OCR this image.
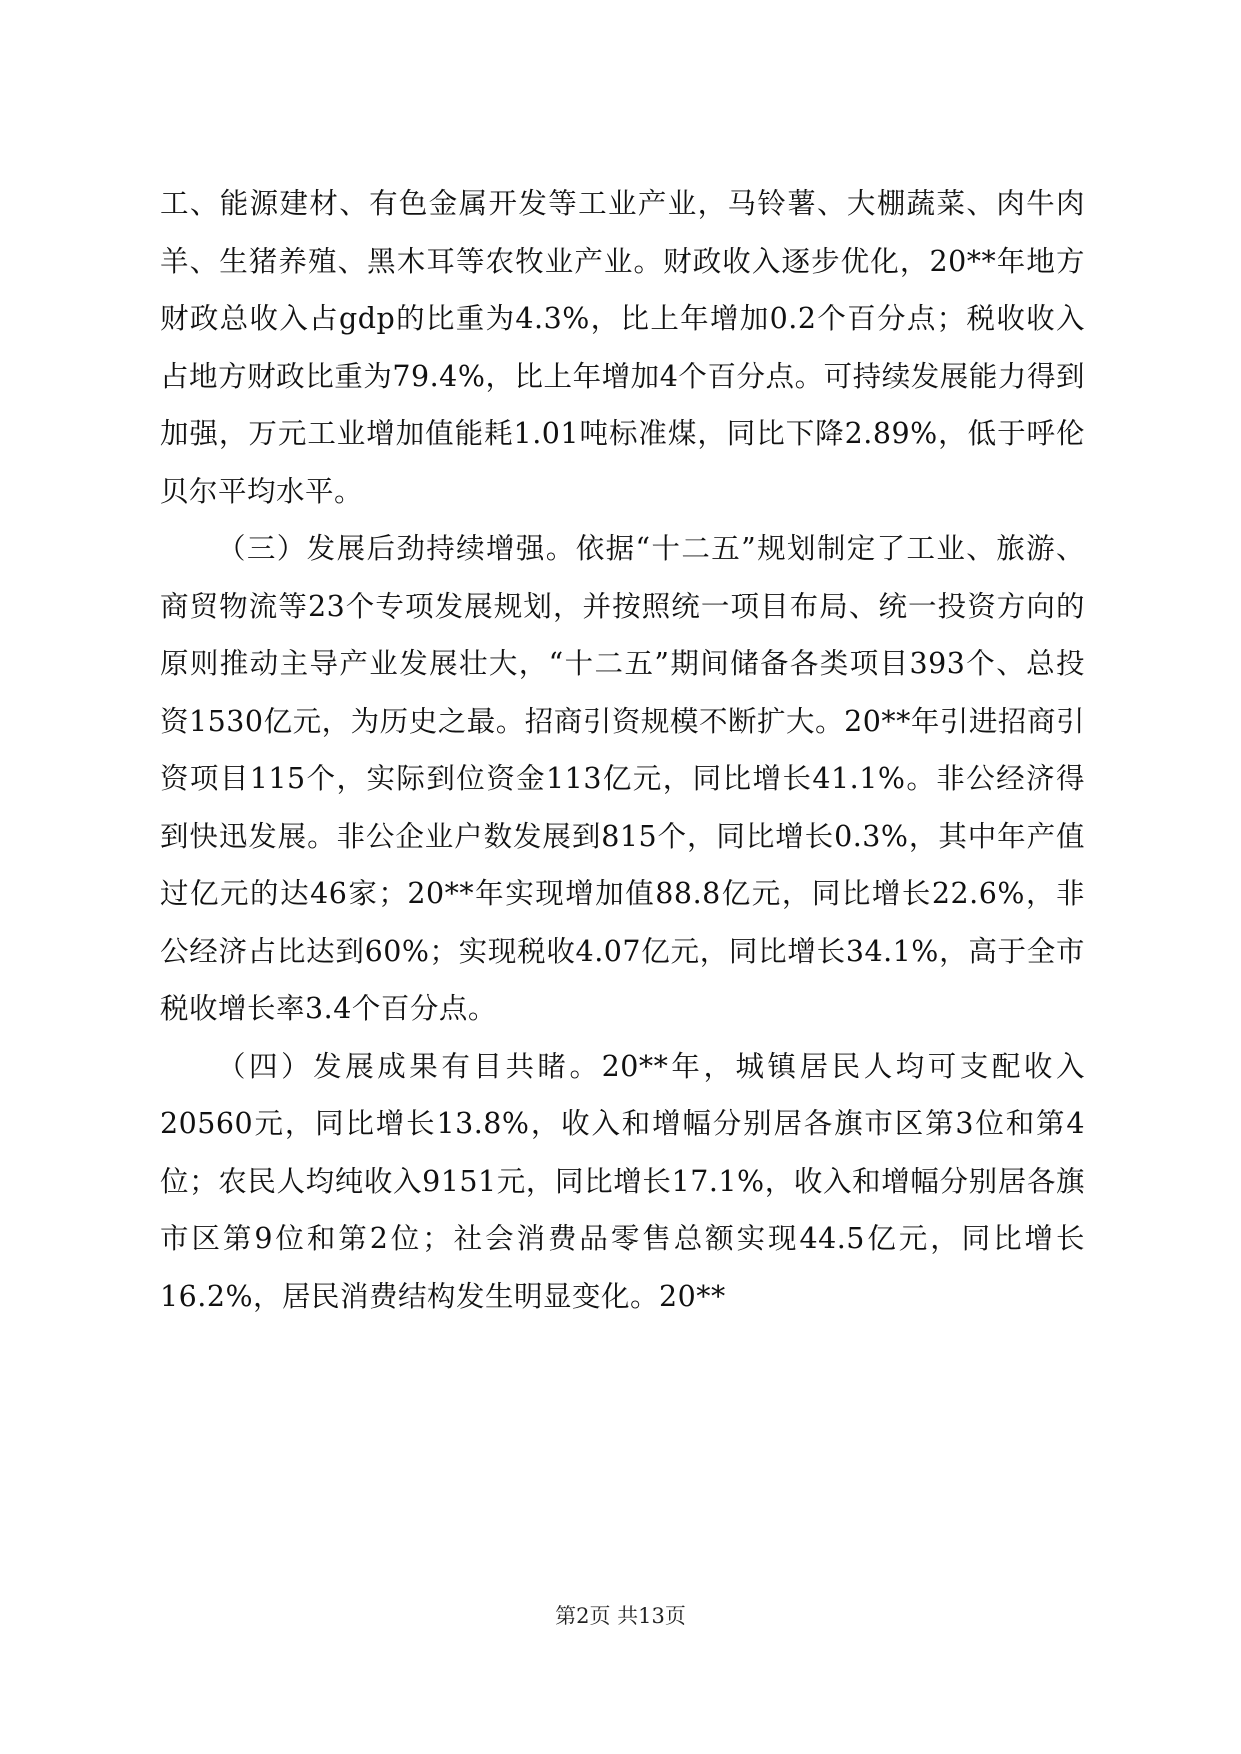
工、能源建材、有色金属开发等工业产业，马铃薯、大棚蔬菜、肉牛肉羊、生猪养殖、黑木耳等农牧业产业。财政收入逐步优化，20**年地方财政总收入占gdp的比重为4.3%，比上年增加0.2个百分点；税收收入占地方财政比重为79.4%，比上年增加4个百分点。可持续发展能力得到加强，万元工业增加值能耗1.01吨标准煤，同比下降2.89%，低于呼伦贝尔平均水平。

（三）发展后劲持续增强。依据“十二五”规划制定了工业、旅游、商贸物流等23个专项发展规划，并按照统一项目布局、统一投资方向的原则推动主导产业发展壮大，“十二五”期间储备各类项目393个、总投资1530亿元，为历史之最。招商引资规模不断扩大。20**年引进招商引资项目115个，实际到位资金113亿元，同比增长41.1%。非公经济得到快迅发展。非公企业户数发展到815个，同比增长0.3%，其中年产值过亿元的达46家；20**年实现增加值88.8亿元，同比增长22.6%，非公经济占比达到60%；实现税收4.07亿元，同比增长34.1%，高于全市税收增长率3.4个百分点。

（四）发展成果有目共睹。20**年，城镇居民人均可支配收入20560元，同比增长13.8%，收入和增幅分别居各旗市区第3位和第4位；农民人均纯收入9151元，同比增长17.1%，收入和增幅分别居各旗市区第9位和第2位；社会消费品零售总额实现44.5亿元，同比增长16.2%，居民消费结构发生明显变化。20**

第2页 共13页
